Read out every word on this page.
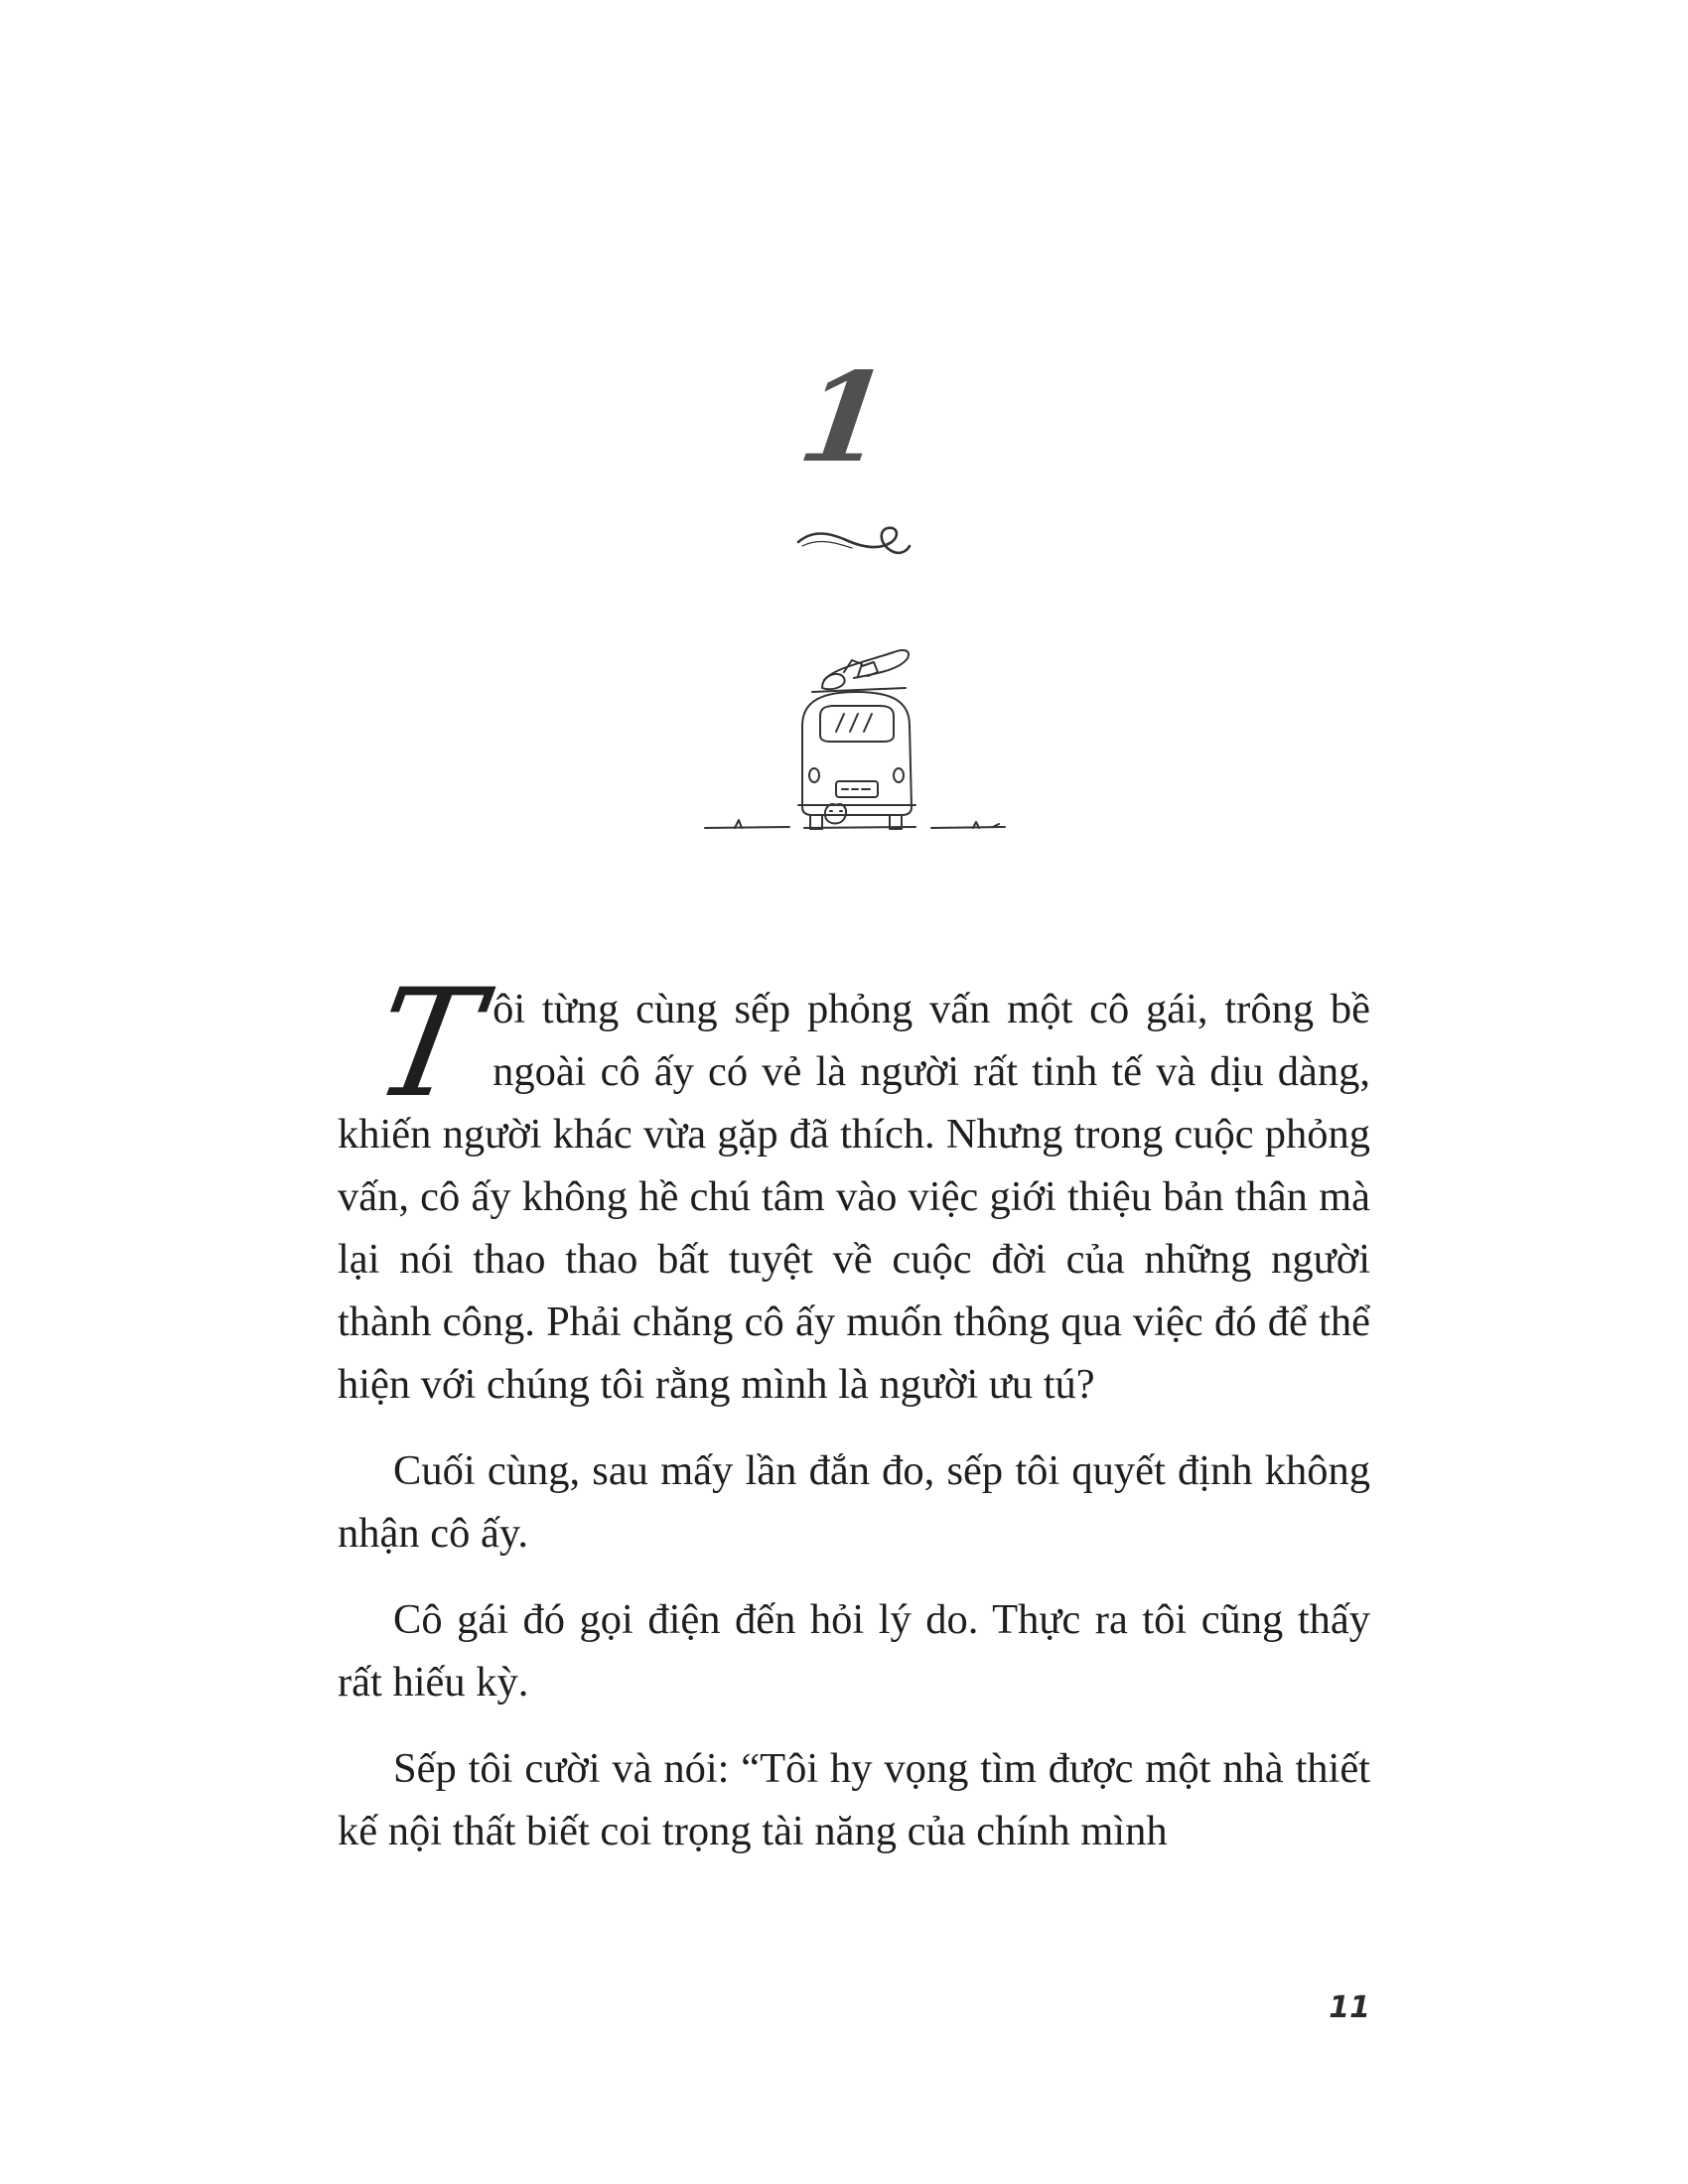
1

Tôi từng cùng sếp phỏng vấn một cô gái, trông bề ngoài cô ấy có vẻ là người rất tinh tế và dịu dàng, khiến người khác vừa gặp đã thích. Nhưng trong cuộc phỏng vấn, cô ấy không hề chú tâm vào việc giới thiệu bản thân mà lại nói thao thao bất tuyệt về cuộc đời của những người thành công. Phải chăng cô ấy muốn thông qua việc đó để thể hiện với chúng tôi rằng mình là người ưu tú?

Cuối cùng, sau mấy lần đắn đo, sếp tôi quyết định không nhận cô ấy.

Cô gái đó gọi điện đến hỏi lý do. Thực ra tôi cũng thấy rất hiếu kỳ.

Sếp tôi cười và nói: “Tôi hy vọng tìm được một nhà thiết kế nội thất biết coi trọng tài năng của chính mình

11
